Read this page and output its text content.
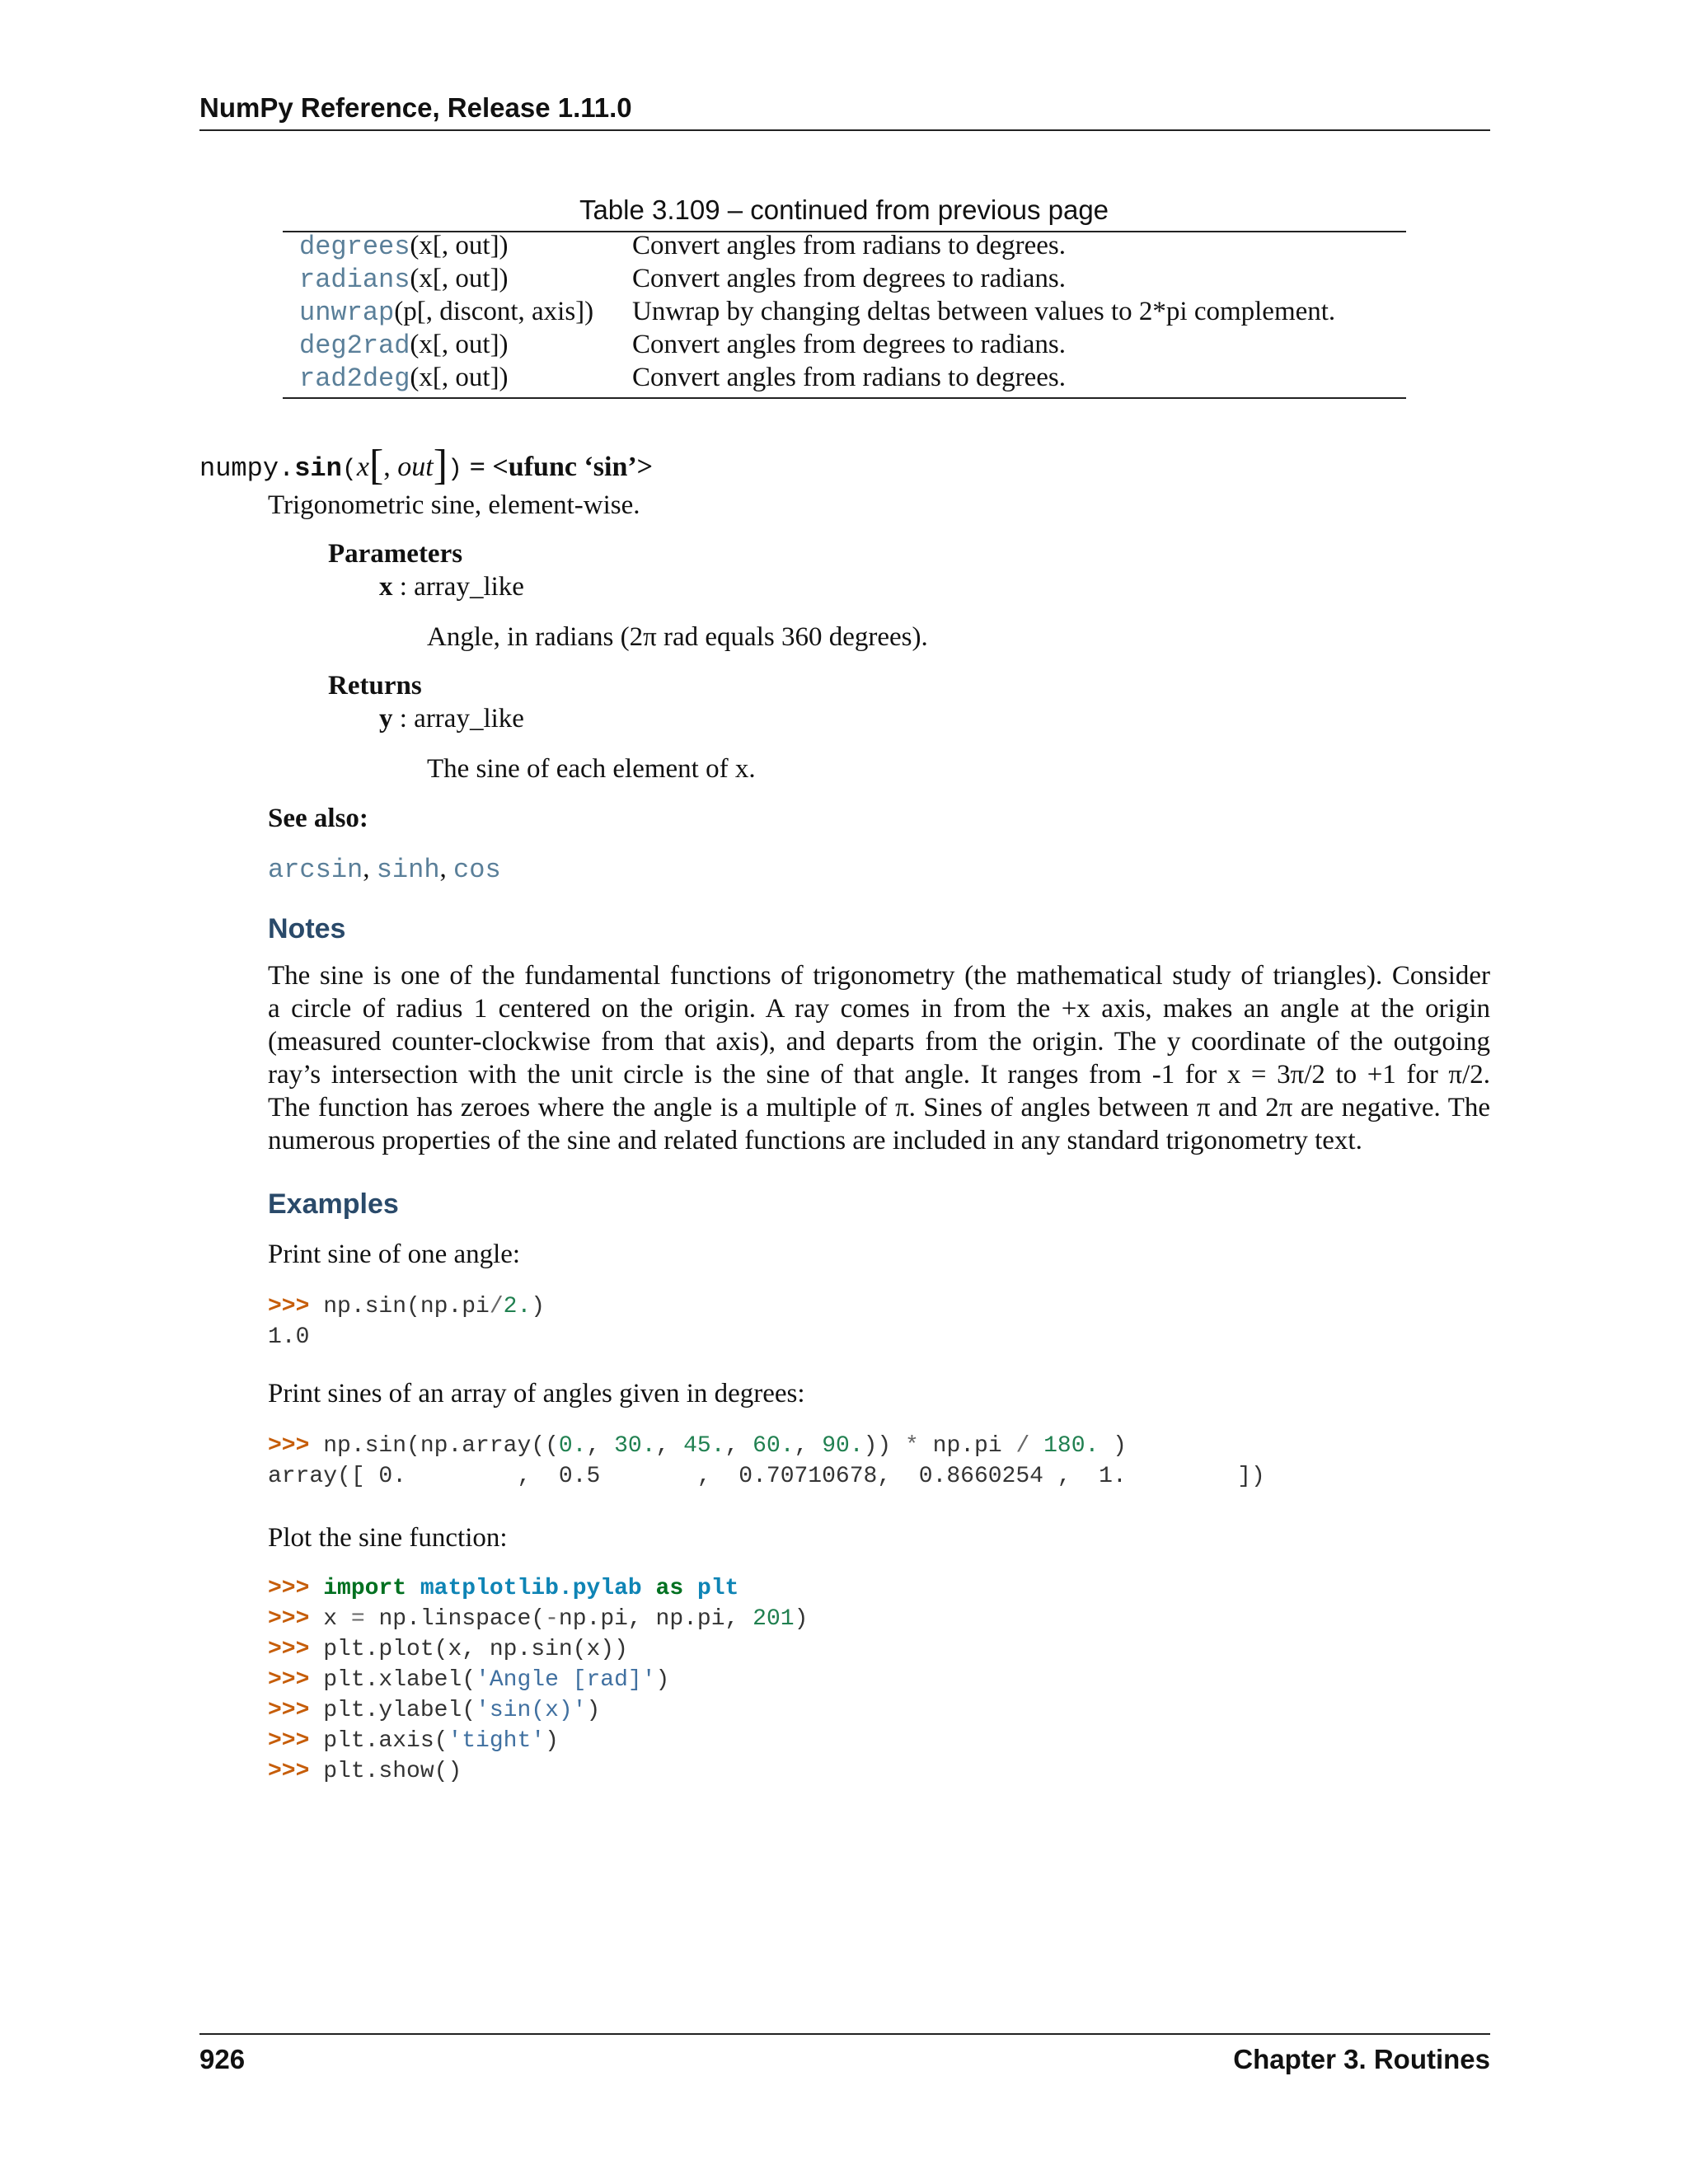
NumPy Reference, Release 1.11.0
Table 3.109 – continued from previous page
degrees(x[, out])	Convert angles from radians to degrees.
radians(x[, out])	Convert angles from degrees to radians.
unwrap(p[, discont, axis]) Unwrap by changing deltas between values to 2*pi complement.
deg2rad(x[, out])	Convert angles from degrees to radians.
rad2deg(x[, out])	Convert angles from radians to degrees.
numpy.sin(x[, out]) = <ufunc ‘sin’>
Trigonometric sine, element-wise.
Parameters
x : array_like
Angle, in radians (2π rad equals 360 degrees).
Returns
y : array_like
The sine of each element of x.
See also:
arcsin, sinh, cos
Notes
The sine is one of the fundamental functions of trigonometry (the mathematical study of triangles). Consider
a circle of radius 1 centered on the origin. A ray comes in from the +x axis, makes an angle at the origin
(measured counter-clockwise from that axis), and departs from the origin. The y coordinate of the outgoing
ray’s intersection with the unit circle is the sine of that angle. It ranges from -1 for x = 3π/2 to +1 for π/2.
The function has zeroes where the angle is a multiple of π. Sines of angles between π and 2π are negative. The
numerous properties of the sine and related functions are included in any standard trigonometry text.
Examples
Print sine of one angle:
>>> np.sin(np.pi/2.)
1.0
Print sines of an array of angles given in degrees:
>>> np.sin(np.array((0., 30., 45., 60., 90.)) * np.pi / 180. )
array([ 0.        ,  0.5       ,  0.70710678,  0.8660254 ,  1.        ])
Plot the sine function:
>>> import matplotlib.pylab as plt
>>> x = np.linspace(-np.pi, np.pi, 201)
>>> plt.plot(x, np.sin(x))
>>> plt.xlabel('Angle [rad]')
>>> plt.ylabel('sin(x)')
>>> plt.axis('tight')
>>> plt.show()
926	Chapter 3. Routines
